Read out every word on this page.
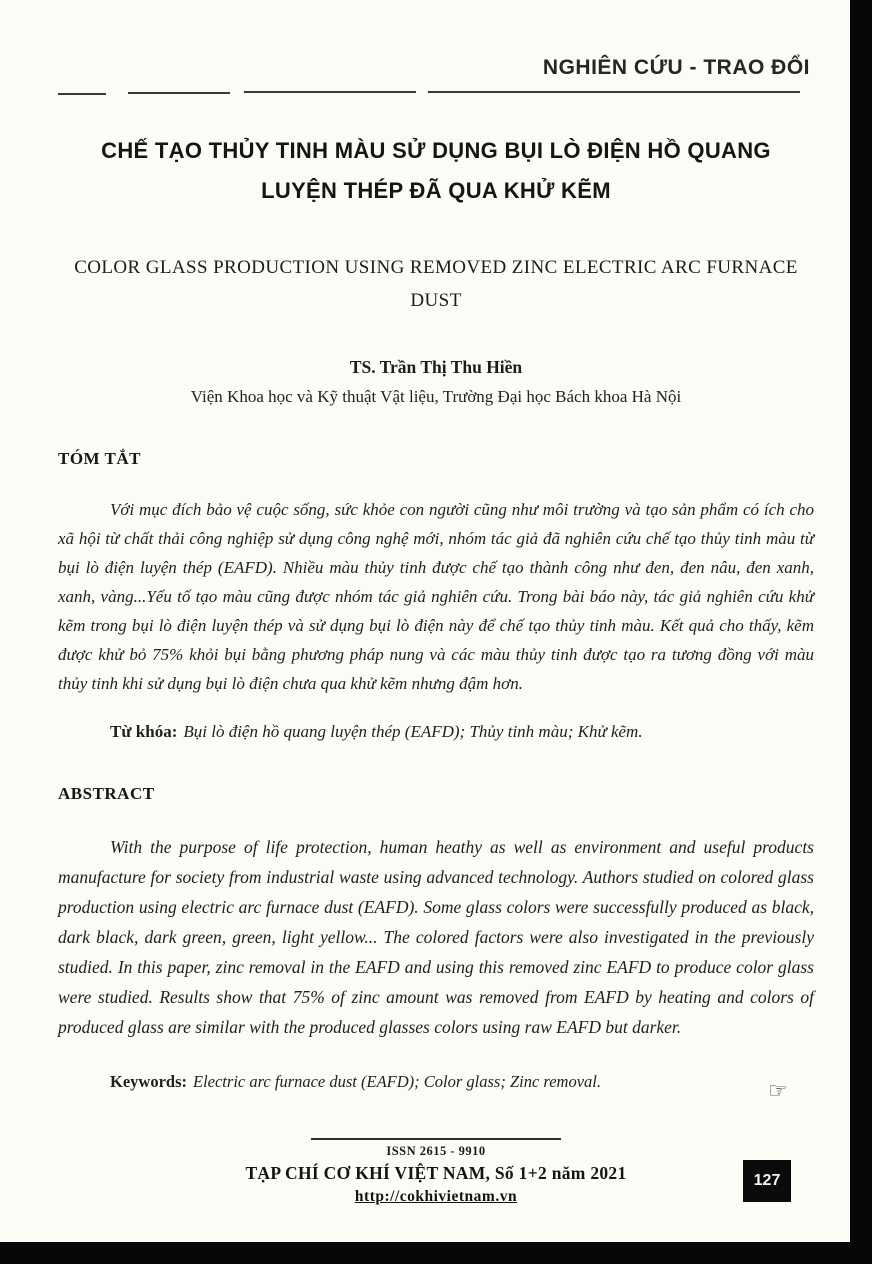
NGHIÊN CỨU - TRAO ĐỔI
CHẾ TẠO THỦY TINH MÀU SỬ DỤNG BỤI LÒ ĐIỆN HỒ QUANG
LUYỆN THÉP ĐÃ QUA KHỬ KẼM
COLOR GLASS PRODUCTION USING REMOVED ZINC ELECTRIC ARC FURNACE
DUST
TS. Trần Thị Thu Hiền
Viện Khoa học và Kỹ thuật Vật liệu, Trường Đại học Bách khoa Hà Nội
TÓM TẮT

Với mục đích bảo vệ cuộc sống, sức khỏe con người cũng như môi trường và tạo sản phẩm có ích cho xã hội từ chất thải công nghiệp sử dụng công nghệ mới, nhóm tác giả đã nghiên cứu chế tạo thủy tinh màu từ bụi lò điện luyện thép (EAFD). Nhiều màu thủy tinh được chế tạo thành công như đen, đen nâu, đen xanh, xanh, vàng...Yếu tố tạo màu cũng được nhóm tác giả nghiên cứu. Trong bài báo này, tác giả nghiên cứu khử kẽm trong bụi lò điện luyện thép và sử dụng bụi lò điện này để chế tạo thủy tinh màu. Kết quả cho thấy, kẽm được khử bỏ 75% khỏi bụi bằng phương pháp nung và các màu thủy tinh được tạo ra tương đồng với màu thủy tinh khi sử dụng bụi lò điện chưa qua khử kẽm nhưng đậm hơn.

Từ khóa: Bụi lò điện hồ quang luyện thép (EAFD); Thủy tinh màu; Khử kẽm.

ABSTRACT

With the purpose of life protection, human heathy as well as environment and useful products manufacture for society from industrial waste using advanced technology. Authors studied on colored glass production using electric arc furnace dust (EAFD). Some glass colors were successfully produced as black, dark black, dark green, green, light yellow... The colored factors were also investigated in the previously studied. In this paper, zinc removal in the EAFD and using this removed zinc EAFD to produce color glass were studied. Results show that 75% of zinc amount was removed from EAFD by heating and colors of produced glass are similar with the produced glasses colors using raw EAFD but darker.

Keywords: Electric arc furnace dust (EAFD); Color glass; Zinc removal.	☞
ISSN 2615 - 9910
TẠP CHÍ CƠ KHÍ VIỆT NAM, Số 1+2 năm 2021
http://cokhivietnam.vn
127
